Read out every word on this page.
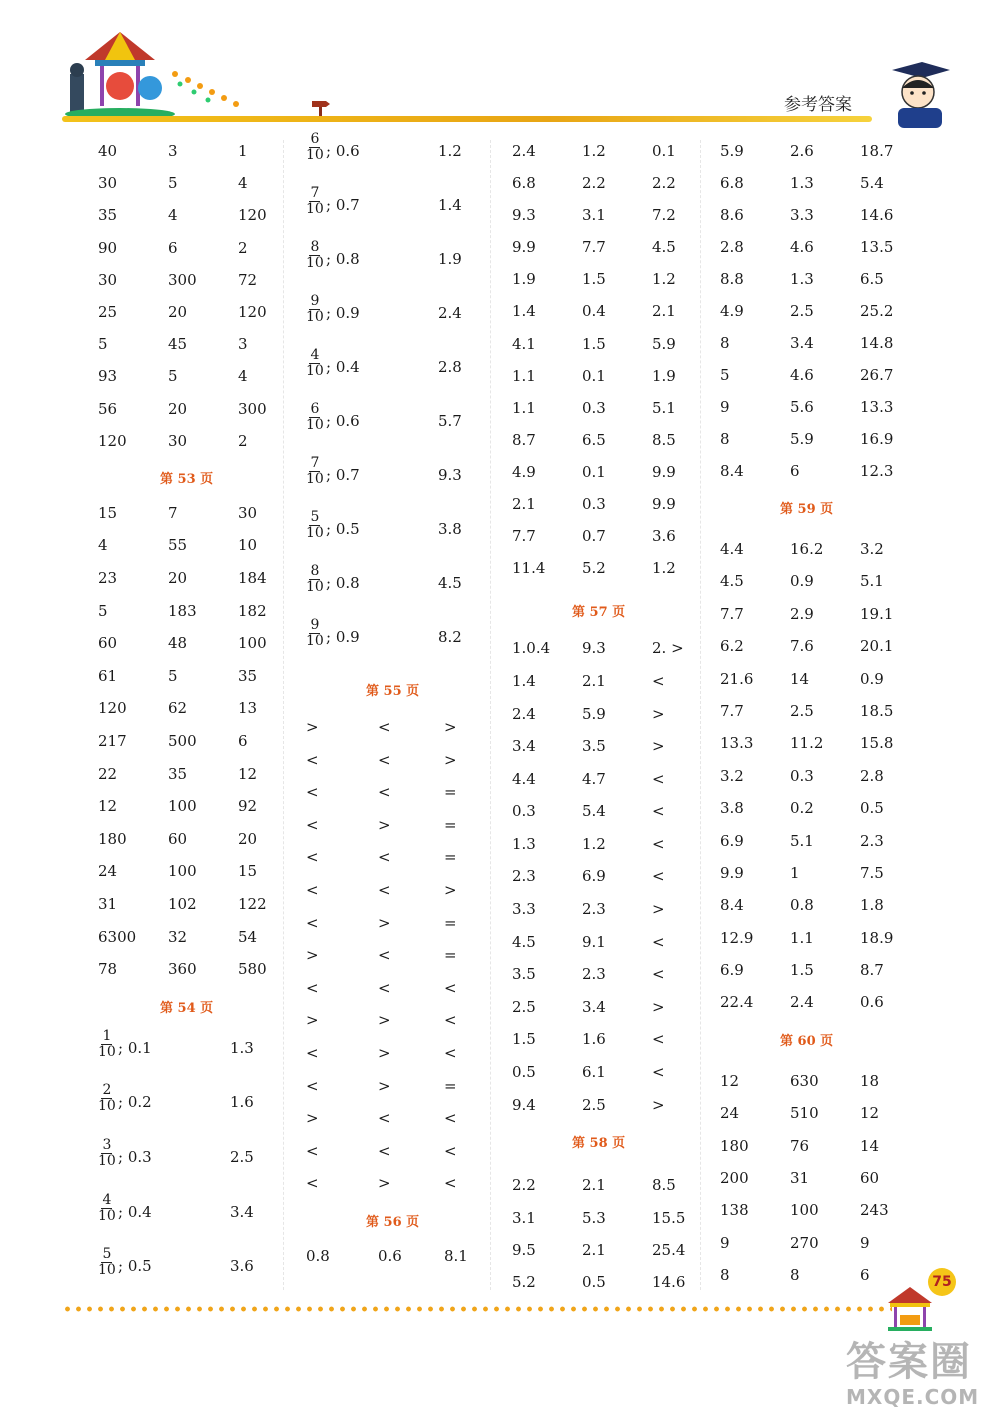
参考答案
40	3	1
30	5	4
35	4	120
90	6	2
30	300	72
25	20	120
5	45	3
93	5	4
56	20	300
120	30	2
第 53 页
15	7	30
4	55	10
23	20	184
5	183	182
60	48	100
61	5	35
120	62	13
217	500	6
22	35	12
12	100	92
180	60	20
24	100	15
31	102	122
6300 32	54
78	360	580
第 54 页
$\frac{1}{10}$ ; 0.1	1.3
$\frac{2}{10}$ ; 0.2	1.6
$\frac{3}{10}$ ; 0.3	2.5
$\frac{4}{10}$ ; 0.4	3.4
$\frac{5}{10}$ ; 0.5	3.6
$\frac{6}{10}$ ; 0.6	1.2
$\frac{7}{10}$ ; 0.7	1.4
$\frac{8}{10}$ ; 0.8	1.9
$\frac{9}{10}$ ; 0.9	2.4
$\frac{4}{10}$ ; 0.4	2.8
$\frac{6}{10}$ ; 0.6	5.7
$\frac{7}{10}$ ; 0.7	9.3
$\frac{5}{10}$ ; 0.5	3.8
$\frac{8}{10}$ ; 0.8	4.5
$\frac{9}{10}$ ; 0.9	8.2
第 55 页
>	<	>
<	<	>
<	<	=
<	>	=
<	<	=
<	<	>
<	>	=
>	<	=
<	<	<
>	>	<
<	>	<
<	>	=
>	<	<
<	<	<
<	>	<
第 56 页
0.8	0.6	8.1
2.4	1.2	0.1
6.8	2.2	2.2
9.3	3.1	7.2
9.9	7.7	4.5
1.9	1.5	1.2
1.4	0.4	2.1
4.1	1.5	5.9
1.1	0.1	1.9
1.1	0.3	5.1
8.7	6.5	8.5
4.9	0.1	9.9
2.1	0.3	9.9
7.7	0.7	3.6
11.4 5.2	1.2
第 57 页
1.0.4 9.3	2. >
1.4	2.1	<
2.4	5.9	>
3.4	3.5	>
4.4	4.7	<
0.3	5.4	<
1.3	1.2	<
2.3	6.9	<
3.3	2.3	>
4.5	9.1	<
3.5	2.3	<
2.5	3.4	>
1.5	1.6	<
0.5	6.1	<
9.4	2.5	>
第 58 页
2.2	2.1	8.5
3.1	5.3	15.5
9.5	2.1	25.4
5.2	0.5	14.6
5.9	2.6	18.7
6.8	1.3	5.4
8.6	3.3	14.6
2.8	4.6	13.5
8.8	1.3	6.5
4.9	2.5	25.2
8	3.4	14.8
5	4.6	26.7
9	5.6	13.3
8	5.9	16.9
8.4	6	12.3
第 59 页
4.4	16.2 3.2
4.5	0.9	5.1
7.7	2.9	19.1
6.2	7.6	20.1
21.6 14	0.9
7.7	2.5	18.5
13.3 11.2 15.8
3.2	0.3	2.8
3.8	0.2	0.5
6.9	5.1	2.3
9.9	1	7.5
8.4	0.8	1.8
12.9 1.1	18.9
6.9	1.5	8.7
22.4 2.4	0.6
第 60 页
12	630	18
24	510	12
180	76	14
200	31	60
138	100	243
9	270	9
8	8	6	75
答案圈
MXQE.COM
